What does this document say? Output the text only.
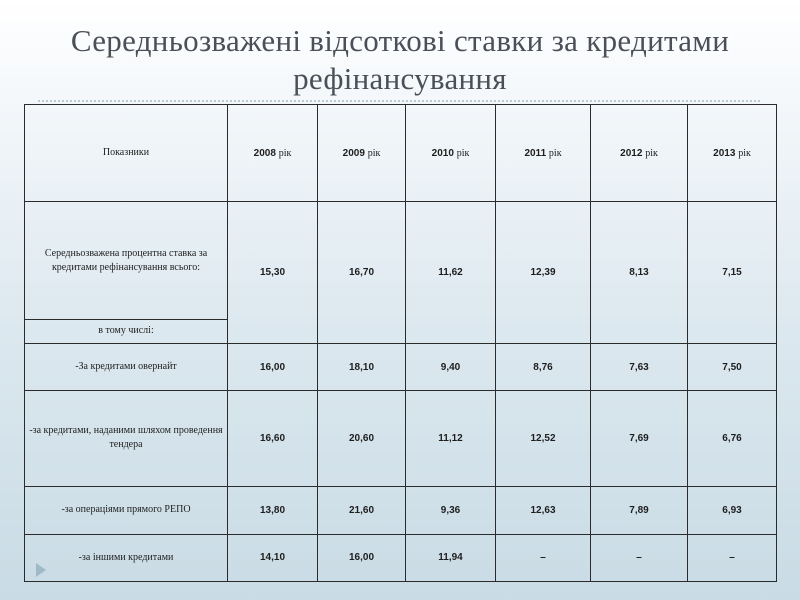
Середньозважені відсоткові ставки за кредитами
рефінансування
Показники	2008 рік	2009 рік	2010 рік	2011 рік	2012 рік	2013 рік
Середньозважена процентна ставка за кредитами рефінансування всього:	15,30	16,70	11,62	12,39	8,13	7,15
в тому числі:						
-За кредитами овернайт	16,00	18,10	9,40	8,76	7,63	7,50
-за кредитами, наданими шляхом проведення тендера	16,60	20,60	11,12	12,52	7,69	6,76
-за операціями прямого РЕПО	13,80	21,60	9,36	12,63	7,89	6,93
-за іншими кредитами	14,10	16,00	11,94	–	–	–
